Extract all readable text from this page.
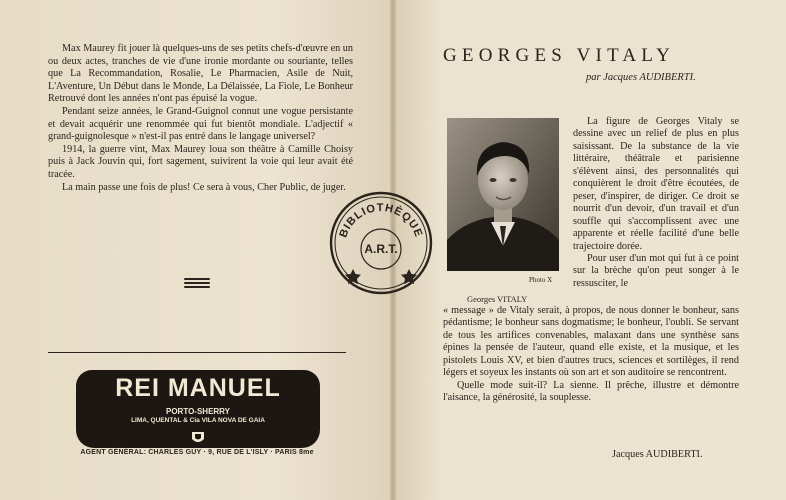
Max Maurey fit jouer là quelques-uns de ses petits chefs-d'œuvre en un ou deux actes, tranches de vie d'une ironie mordante ou souriante, telles que La Recommandation, Rosalie, Le Pharmacien, Asile de Nuit, L'Aventure, Un Début dans le Monde, La Délaissée, La Fiole, Le Bonheur Retrouvé dont les années n'ont pas épuisé la vogue.

Pendant seize années, le Grand-Guignol connut une vogue persistante et devait acquérir une renommée qui fut bientôt mondiale. L'adjectif « grand-guignolesque » n'est-il pas entré dans le langage universel?

1914, la guerre vint, Max Maurey loua son théâtre à Camille Choisy puis à Jack Jouvin qui, fort sagement, suivirent la voie qui leur avait été tracée.

La main passe une fois de plus! Ce sera à vous, Cher Public, de juger.

REI MANUEL
PORTO-SHERRY
LIMA, QUENTAL & Cia VILA NOVA DE GAIA
AGENT GÉNÉRAL: CHARLES GUY · 9, RUE DE L'ISLY · PARIS 8me
GEORGES VITALY
par Jacques AUDIBERTI.
Photo X
Georges VITALY

La figure de Georges Vitaly se dessine avec un relief de plus en plus saisissant. De la substance de la vie littéraire, théâtrale et parisienne s'élèvent ainsi, des personnalités qui conquièrent le droit d'être écoutées, de peser, d'inspirer, de diriger. Ce droit se nourrit d'un devoir, d'un travail et d'un souffle qui s'accomplissent avec une apparente et réelle facilité d'une belle trajectoire dorée.

Pour user d'un mot qui fut à ce point sur la brèche qu'on peut songer à le ressusciter, le

« message » de Vitaly serait, à propos, de nous donner le bonheur, sans pédantisme; le bonheur sans dogmatisme; le bonheur, l'oubli. Se servant de tous les artifices convenables, malaxant dans une synthèse sans épines la pensée de l'auteur, quand elle existe, et la musique, et les pistolets Louis XV, et bien d'autres trucs, sciences et sortilèges, il rend légers et soyeux les instants où son art et son auditoire se rencontrent.

Quelle mode suit-il? La sienne. Il prêche, illustre et démontre l'aisance, la générosité, la souplesse.

Jacques AUDIBERTI.
BIBLIOTHÈQUE
A.R.T.
